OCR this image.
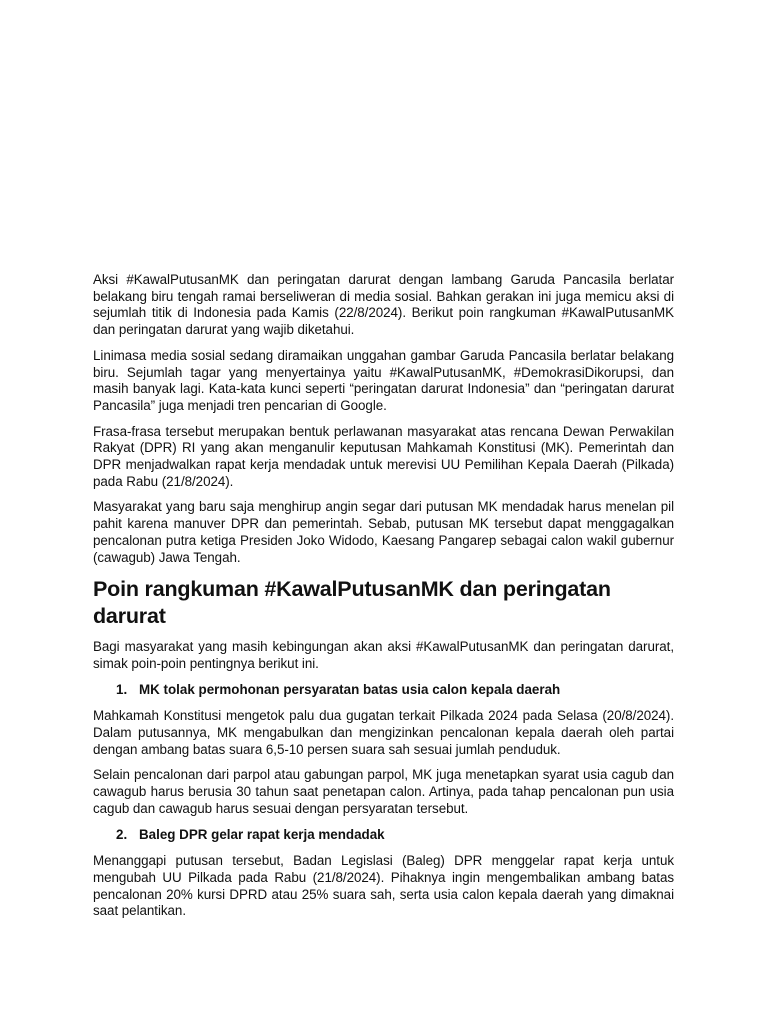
Aksi #KawalPutusanMK dan peringatan darurat dengan lambang Garuda Pancasila berlatar belakang biru tengah ramai berseliweran di media sosial. Bahkan gerakan ini juga memicu aksi di sejumlah titik di Indonesia pada Kamis (22/8/2024). Berikut poin rangkuman #KawalPutusanMK dan peringatan darurat yang wajib diketahui.

Linimasa media sosial sedang diramaikan unggahan gambar Garuda Pancasila berlatar belakang biru. Sejumlah tagar yang menyertainya yaitu #KawalPutusanMK, #DemokrasiDikorupsi, dan masih banyak lagi. Kata-kata kunci seperti “peringatan darurat Indonesia” dan “peringatan darurat Pancasila” juga menjadi tren pencarian di Google.

Frasa-frasa tersebut merupakan bentuk perlawanan masyarakat atas rencana Dewan Perwakilan Rakyat (DPR) RI yang akan menganulir keputusan Mahkamah Konstitusi (MK). Pemerintah dan DPR menjadwalkan rapat kerja mendadak untuk merevisi UU Pemilihan Kepala Daerah (Pilkada) pada Rabu (21/8/2024).

Masyarakat yang baru saja menghirup angin segar dari putusan MK mendadak harus menelan pil pahit karena manuver DPR dan pemerintah. Sebab, putusan MK tersebut dapat menggagalkan pencalonan putra ketiga Presiden Joko Widodo, Kaesang Pangarep sebagai calon wakil gubernur (cawagub) Jawa Tengah.

Poin rangkuman #KawalPutusanMK dan peringatan darurat

Bagi masyarakat yang masih kebingungan akan aksi #KawalPutusanMK dan peringatan darurat, simak poin-poin pentingnya berikut ini.

1. MK tolak permohonan persyaratan batas usia calon kepala daerah

Mahkamah Konstitusi mengetok palu dua gugatan terkait Pilkada 2024 pada Selasa (20/8/2024). Dalam putusannya, MK mengabulkan dan mengizinkan pencalonan kepala daerah oleh partai dengan ambang batas suara 6,5-10 persen suara sah sesuai jumlah penduduk.

Selain pencalonan dari parpol atau gabungan parpol, MK juga menetapkan syarat usia cagub dan cawagub harus berusia 30 tahun saat penetapan calon. Artinya, pada tahap pencalonan pun usia cagub dan cawagub harus sesuai dengan persyaratan tersebut.

2. Baleg DPR gelar rapat kerja mendadak

Menanggapi putusan tersebut, Badan Legislasi (Baleg) DPR menggelar rapat kerja untuk mengubah UU Pilkada pada Rabu (21/8/2024). Pihaknya ingin mengembalikan ambang batas pencalonan 20% kursi DPRD atau 25% suara sah, serta usia calon kepala daerah yang dimaknai saat pelantikan.
